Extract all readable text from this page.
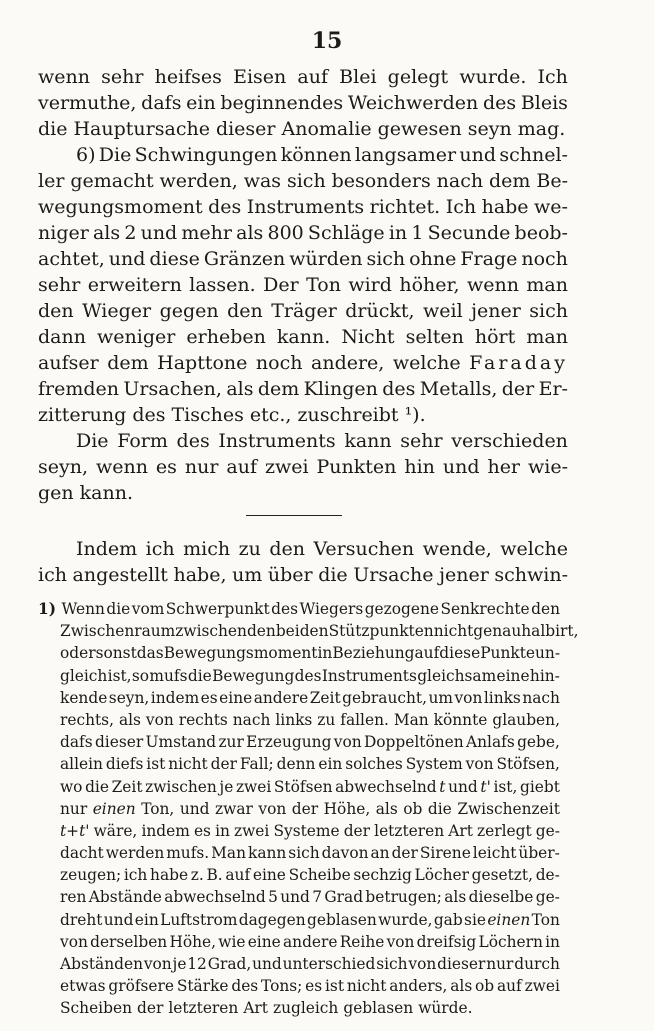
15
wenn sehr heifses Eisen auf Blei gelegt wurde. Ich
vermuthe, dafs ein beginnendes Weichwerden des Bleis
die Hauptursache dieser Anomalie gewesen seyn mag.
6) Die Schwingungen können langsamer und schnel-
ler gemacht werden, was sich besonders nach dem Be-
wegungsmoment des Instruments richtet. Ich habe we-
niger als 2 und mehr als 800 Schläge in 1 Secunde beob-
achtet, und diese Gränzen würden sich ohne Frage noch
sehr erweitern lassen. Der Ton wird höher, wenn man
den Wieger gegen den Träger drückt, weil jener sich
dann weniger erheben kann. Nicht selten hört man
aufser dem Hapttone noch andere, welche Faraday
fremden Ursachen, als dem Klingen des Metalls, der Er-
zitterung des Tisches etc., zuschreibt ¹).
Die Form des Instruments kann sehr verschieden
seyn, wenn es nur auf zwei Punkten hin und her wie-
gen kann.
Indem ich mich zu den Versuchen wende, welche
ich angestellt habe, um über die Ursache jener schwin-
1) Wenn die vom Schwerpunkt des Wiegers gezogene Senkrechte den
Zwischenraum zwischen den beiden Stützpunkten nicht genau halbirt,
oder sonst das Bewegungsmoment in Beziehung auf diese Punkte un-
gleich ist, so mufs die Bewegung des Instruments gleichsam eine hin-
kende seyn, indem es eine andere Zeit gebraucht, um von links nach
rechts, als von rechts nach links zu fallen. Man könnte glauben,
dafs dieser Umstand zur Erzeugung von Doppeltönen Anlafs gebe,
allein diefs ist nicht der Fall; denn ein solches System von Stöfsen,
wo die Zeit zwischen je zwei Stöfsen abwechselnd t und t' ist, giebt
nur einen Ton, und zwar von der Höhe, als ob die Zwischenzeit
t+t' wäre, indem es in zwei Systeme der letzteren Art zerlegt ge-
dacht werden mufs. Man kann sich davon an der Sirene leicht über-
zeugen; ich habe z. B. auf eine Scheibe sechzig Löcher gesetzt, de-
ren Abstände abwechselnd 5 und 7 Grad betrugen; als dieselbe ge-
dreht und ein Luftstrom dagegen geblasen wurde, gab sie einen Ton
von derselben Höhe, wie eine andere Reihe von dreifsig Löchern in
Abständen von je 12 Grad, und unterschied sich von dieser nur durch
etwas gröfsere Stärke des Tons; es ist nicht anders, als ob auf zwei
Scheiben der letzteren Art zugleich geblasen würde.
